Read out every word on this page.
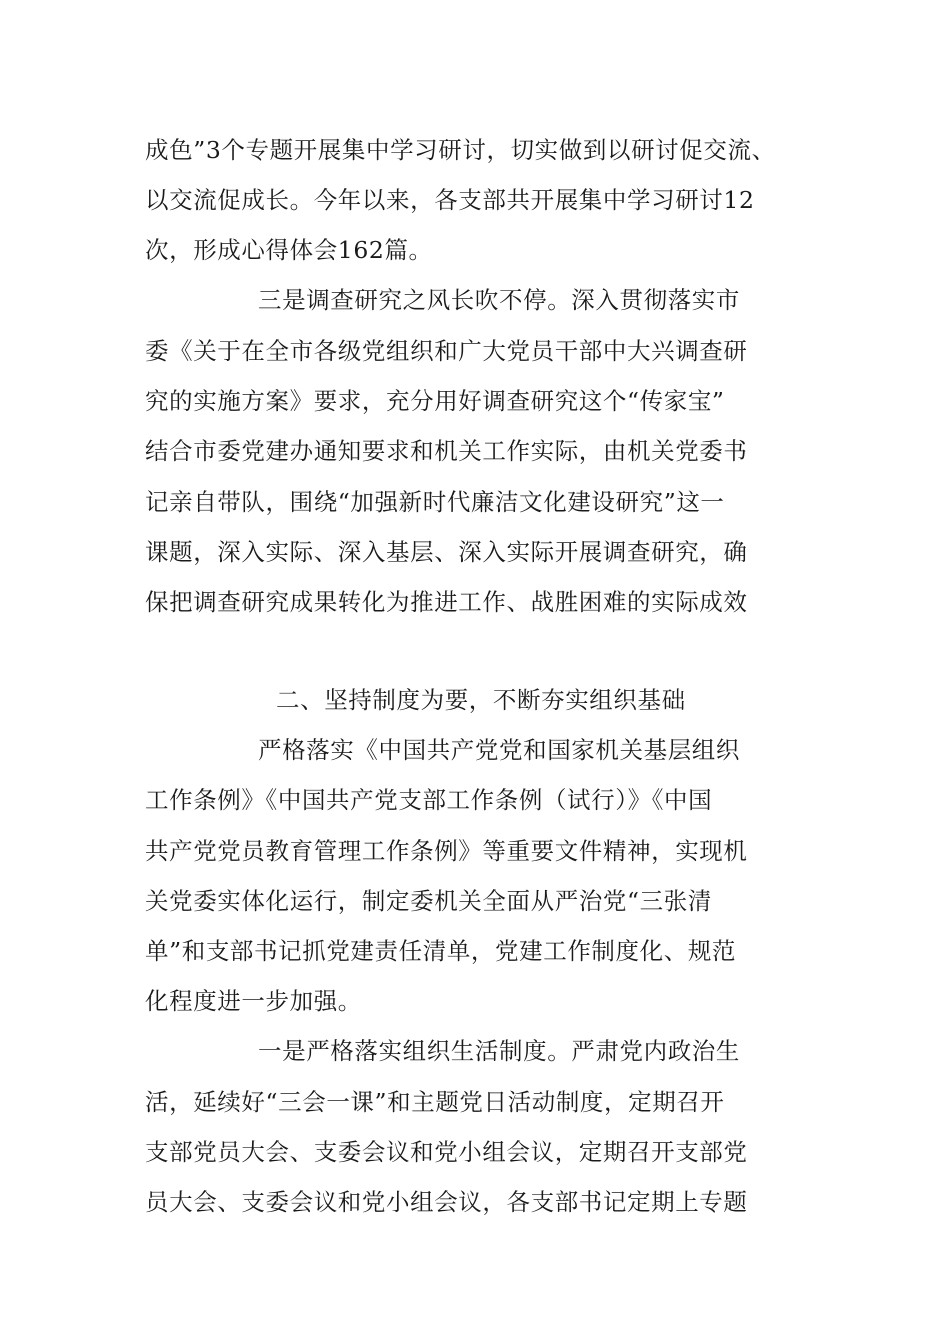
成色”3个专题开展集中学习研讨，切实做到以研讨促交流、
以交流促成长。今年以来，各支部共开展集中学习研讨12
次，形成心得体会162篇。
三是调查研究之风长吹不停。深入贯彻落实市
委《关于在全市各级党组织和广大党员干部中大兴调查研
究的实施方案》要求，充分用好调查研究这个“传家宝”
结合市委党建办通知要求和机关工作实际，由机关党委书
记亲自带队，围绕“加强新时代廉洁文化建设研究”这一
课题，深入实际、深入基层、深入实际开展调查研究，确
保把调查研究成果转化为推进工作、战胜困难的实际成效
二、坚持制度为要，不断夯实组织基础
严格落实《中国共产党党和国家机关基层组织
工作条例》《中国共产党支部工作条例（试行）》《中国
共产党党员教育管理工作条例》等重要文件精神，实现机
关党委实体化运行，制定委机关全面从严治党“三张清
单”和支部书记抓党建责任清单，党建工作制度化、规范
化程度进一步加强。
一是严格落实组织生活制度。严肃党内政治生
活，延续好“三会一课”和主题党日活动制度，定期召开
支部党员大会、支委会议和党小组会议，定期召开支部党
员大会、支委会议和党小组会议，各支部书记定期上专题
